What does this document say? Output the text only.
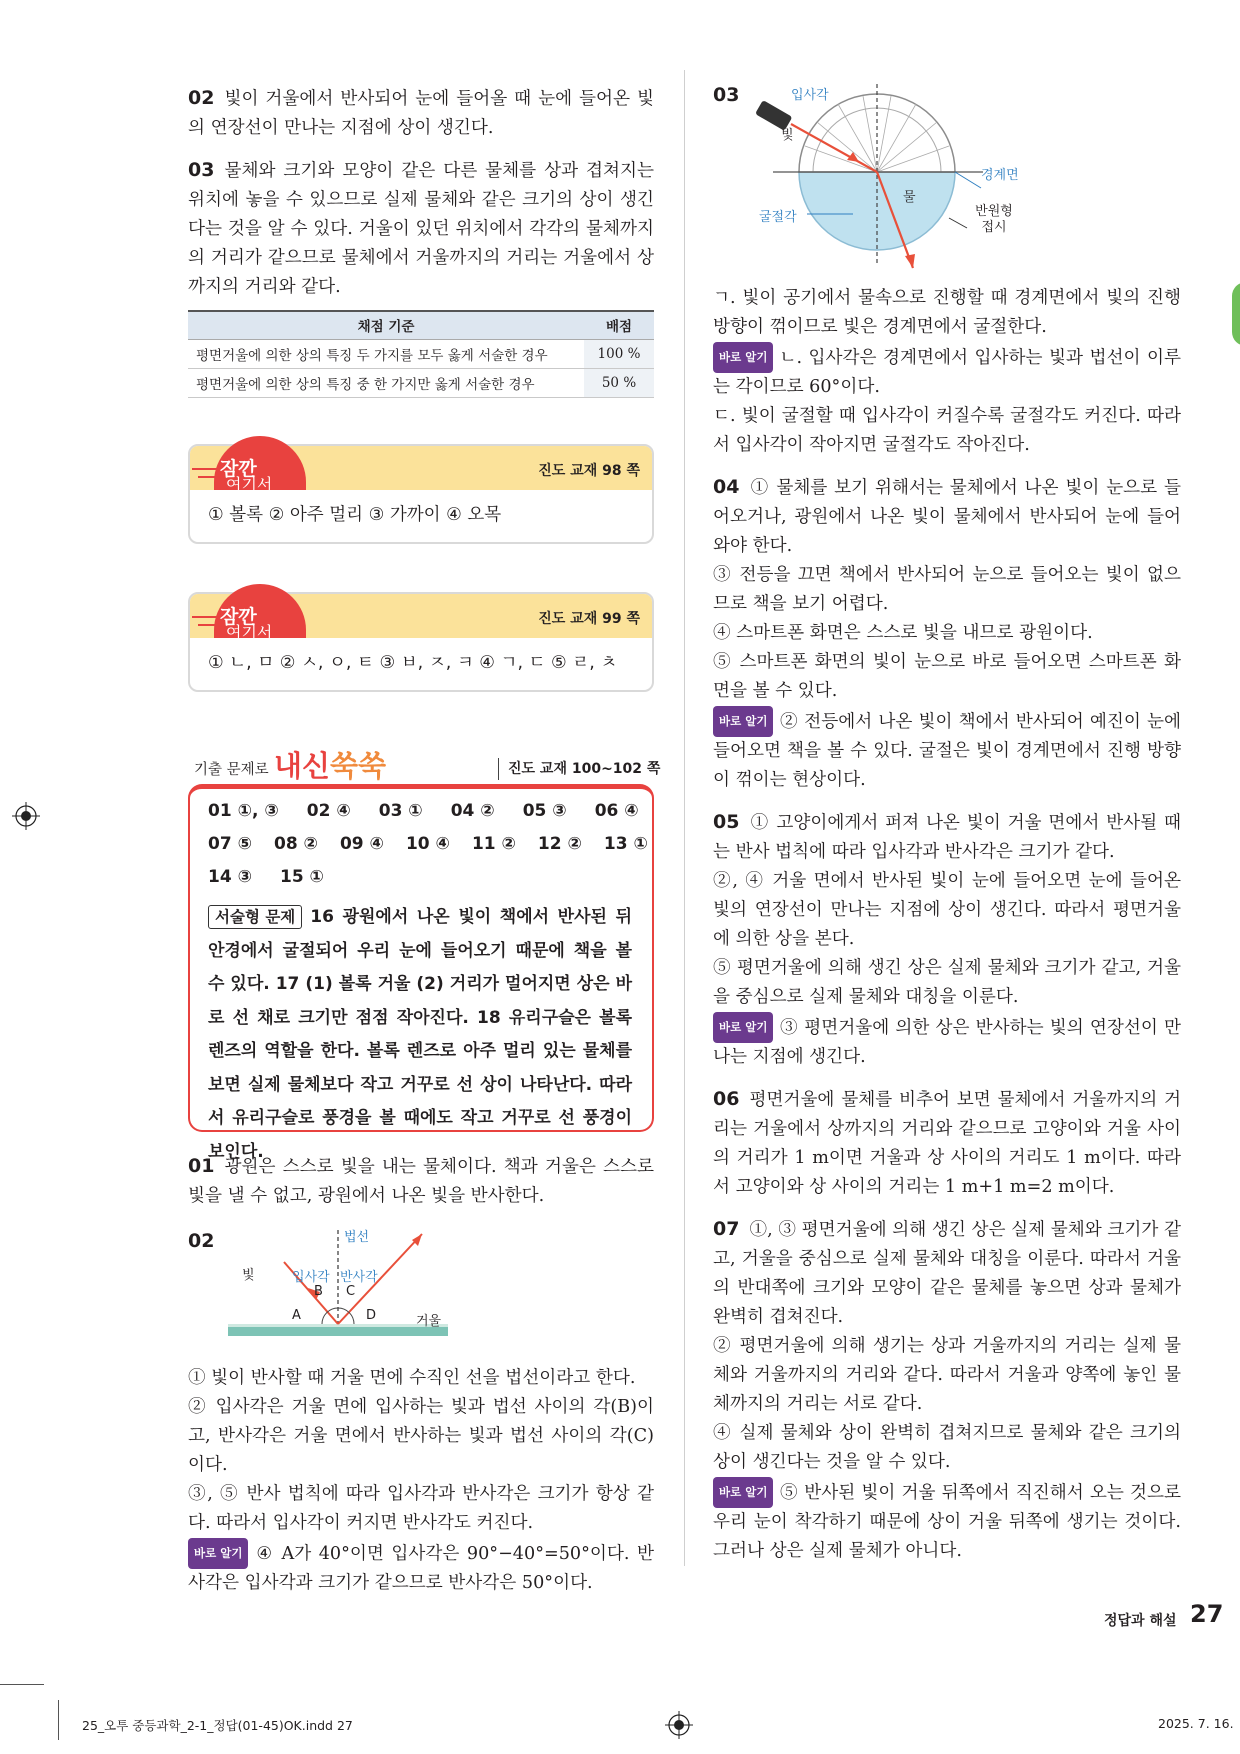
02 빛이 거울에서 반사되어 눈에 들어올 때 눈에 들어온 빛의 연장선이 만나는 지점에 상이 생긴다.

03 물체와 크기와 모양이 같은 다른 물체를 상과 겹쳐지는 위치에 놓을 수 있으므로 실제 물체와 같은 크기의 상이 생긴다는 것을 알 수 있다. 거울이 있던 위치에서 각각의 물체까지의 거리가 같으므로 물체에서 거울까지의 거리는 거울에서 상까지의 거리와 같다.

채점 기준	배점
평면거울에 의한 상의 특징 두 가지를 모두 옳게 서술한 경우	100 %
평면거울에 의한 상의 특징 중 한 가지만 옳게 서술한 경우	50 %
여기서
잠깐	진도 교재 98 쪽
① 볼록 ② 아주 멀리 ③ 가까이 ④ 오목
여기서
잠깐	진도 교재 99 쪽
① ㄴ, ㅁ ② ㅅ, ㅇ, ㅌ ③ ㅂ, ㅈ, ㅋ ④ ㄱ, ㄷ ⑤ ㄹ, ㅊ
기출 문제로 내신쑥쑥	진도 교재 100~102 쪽
01 ①, ③ 02 ④ 03 ① 04 ② 05 ③ 06 ④
07 ⑤ 08 ② 09 ④ 10 ④ 11 ② 12 ② 13 ①
14 ③ 15 ①
서술형 문제 16 광원에서 나온 빛이 책에서 반사된 뒤 안경에서 굴절되어 우리 눈에 들어오기 때문에 책을 볼 수 있다. 17 (1) 볼록 거울 (2) 거리가 멀어지면 상은 바로 선 채로 크기만 점점 작아진다. 18 유리구슬은 볼록 렌즈의 역할을 한다. 볼록 렌즈로 아주 멀리 있는 물체를 보면 실제 물체보다 작고 거꾸로 선 상이 나타난다. 따라서 유리구슬로 풍경을 볼 때에도 작고 거꾸로 선 풍경이 보인다.

01 광원은 스스로 빛을 내는 물체이다. 책과 거울은 스스로 빛을 낼 수 없고, 광원에서 나온 빛을 반사한다.

02	법선
빛	입사각 반사각
B C
A	D	거울
① 빛이 반사할 때 거울 면에 수직인 선을 법선이라고 한다.
② 입사각은 거울 면에 입사하는 빛과 법선 사이의 각(B)이고, 반사각은 거울 면에서 반사하는 빛과 법선 사이의 각(C)이다.
③, ⑤ 반사 법칙에 따라 입사각과 반사각은 크기가 항상 같다. 따라서 입사각이 커지면 반사각도 커진다.
바로 알기 ④ A가 40°이면 입사각은 90°−40°=50°이다. 반사각은 입사각과 크기가 같으므로 반사각은 50°이다.
03	입사각
빛
경계면
물
굴절각	반원형 접시
ㄱ. 빛이 공기에서 물속으로 진행할 때 경계면에서 빛의 진행 방향이 꺾이므로 빛은 경계면에서 굴절한다.
바로 알기 ㄴ. 입사각은 경계면에서 입사하는 빛과 법선이 이루는 각이므로 60°이다.
ㄷ. 빛이 굴절할 때 입사각이 커질수록 굴절각도 커진다. 따라서 입사각이 작아지면 굴절각도 작아진다.
04 ① 물체를 보기 위해서는 물체에서 나온 빛이 눈으로 들어오거나, 광원에서 나온 빛이 물체에서 반사되어 눈에 들어와야 한다.
③ 전등을 끄면 책에서 반사되어 눈으로 들어오는 빛이 없으므로 책을 보기 어렵다.
④ 스마트폰 화면은 스스로 빛을 내므로 광원이다.
⑤ 스마트폰 화면의 빛이 눈으로 바로 들어오면 스마트폰 화면을 볼 수 있다.
바로 알기 ② 전등에서 나온 빛이 책에서 반사되어 예진이 눈에 들어오면 책을 볼 수 있다. 굴절은 빛이 경계면에서 진행 방향이 꺾이는 현상이다.
05 ① 고양이에게서 퍼져 나온 빛이 거울 면에서 반사될 때는 반사 법칙에 따라 입사각과 반사각은 크기가 같다.
②, ④ 거울 면에서 반사된 빛이 눈에 들어오면 눈에 들어온 빛의 연장선이 만나는 지점에 상이 생긴다. 따라서 평면거울에 의한 상을 본다.
⑤ 평면거울에 의해 생긴 상은 실제 물체와 크기가 같고, 거울을 중심으로 실제 물체와 대칭을 이룬다.
바로 알기 ③ 평면거울에 의한 상은 반사하는 빛의 연장선이 만나는 지점에 생긴다.

06 평면거울에 물체를 비추어 보면 물체에서 거울까지의 거리는 거울에서 상까지의 거리와 같으므로 고양이와 거울 사이의 거리가 1 m이면 거울과 상 사이의 거리도 1 m이다. 따라서 고양이와 상 사이의 거리는 1 m+1 m=2 m이다.

07 ①, ③ 평면거울에 의해 생긴 상은 실제 물체와 크기가 같고, 거울을 중심으로 실제 물체와 대칭을 이룬다. 따라서 거울의 반대쪽에 크기와 모양이 같은 물체를 놓으면 상과 물체가 완벽히 겹쳐진다.
② 평면거울에 의해 생기는 상과 거울까지의 거리는 실제 물체와 거울까지의 거리와 같다. 따라서 거울과 양쪽에 놓인 물체까지의 거리는 서로 같다.
④ 실제 물체와 상이 완벽히 겹쳐지므로 물체와 같은 크기의 상이 생긴다는 것을 알 수 있다.
바로 알기 ⑤ 반사된 빛이 거울 뒤쪽에서 직진해서 오는 것으로 우리 눈이 착각하기 때문에 상이 거울 뒤쪽에 생기는 것이다. 그러나 상은 실제 물체가 아니다.
정답과 해설 27
25_오투 중등과학_2-1_정답(01-45)OK.indd 27	2025. 7. 16.
